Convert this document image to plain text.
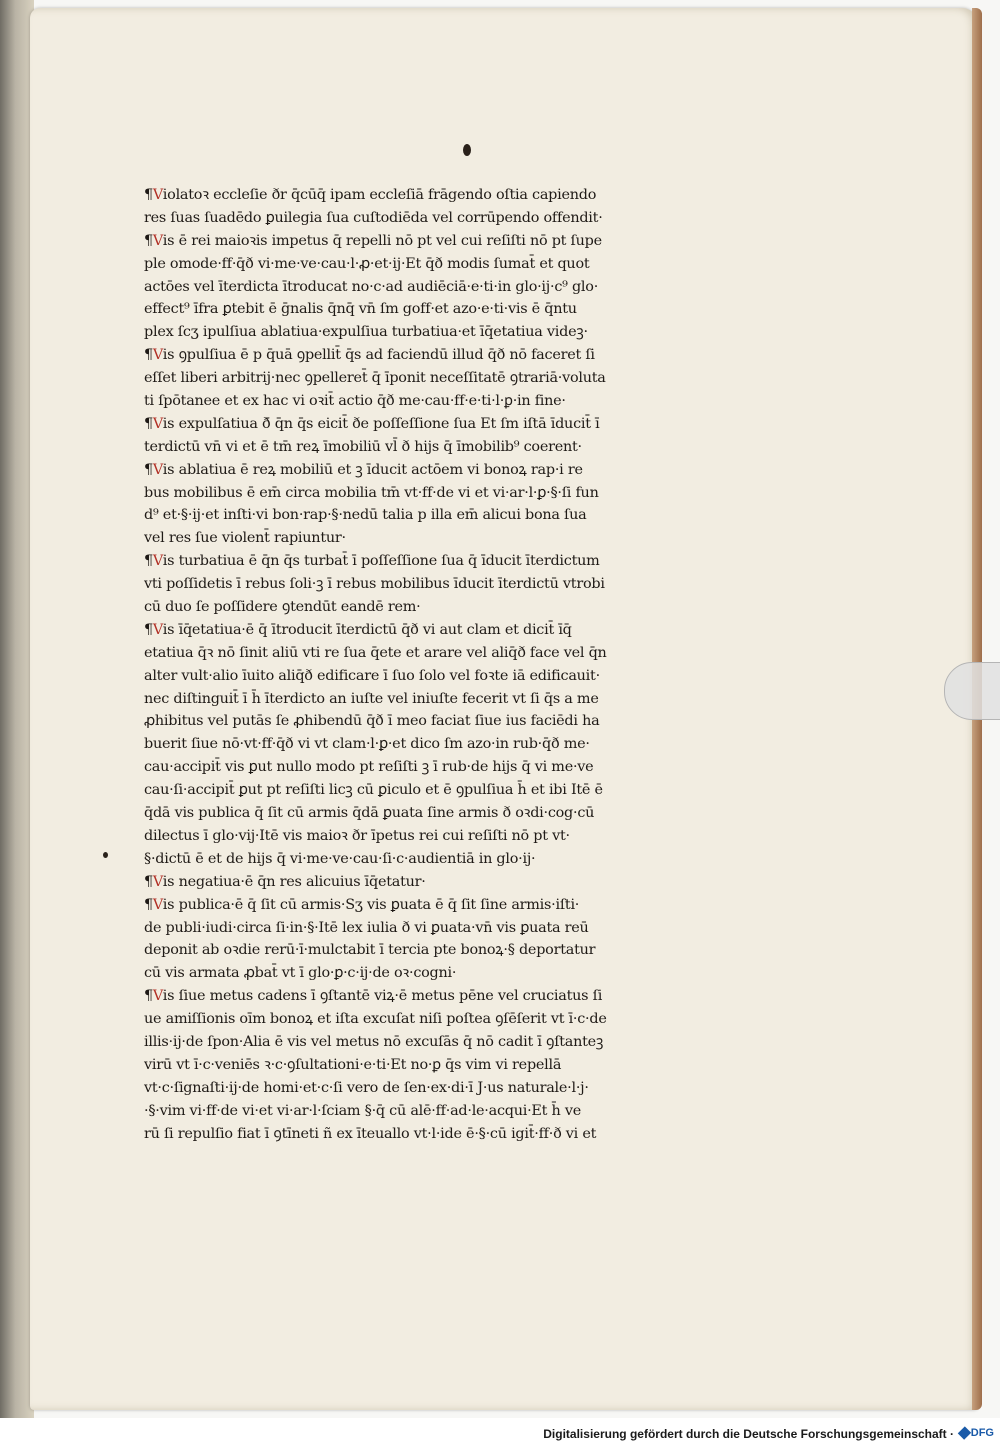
¶Violatoꝛ eccleſie ðr q̄cūq̄ ipam eccleſiā frāgendo oſtia capiendo
res ſuas ſuadēdo ꝑuilegia ſua cuſtodiēda vel corrūpendo offendit·
¶Vis ē rei maioꝛis impetus q̄ repelli nō pt vel cui reſiſti nō pt ſupe
ple omode·ff·q̄ð vi·me·ve·cau·l·ꝓ·et·ij·Et q̄ð modis ſumat̄ et quot
actōes vel īterdicta ītroducat no·c·ad audiēciā·e·ti·in glo·ij·c⁹ glo·
effect⁹ īfra ꝑtebit ē ḡnalis q̄nq̄ vn̄ ſm goff·et azo·e·ti·vis ē q̄ntu
plex ſcʒ ipulſiua ablatiua·expulſiua turbatiua·et īq̄etatiua videꝫ·
¶Vis ꝯpulſiua ē p q̄uā ꝯpellit̄ q̄s ad faciendū illud q̄ð nō faceret ſi
eſſet liberi arbitrij·nec ꝯpelleret̄ q̄ īponit neceſſitatē ꝯtrariā·voluta
ti ſpōtanee et ex hac vi oꝛit̄ actio q̄ð me·cau·ff·e·ti·l·ꝑ·in fine·
¶Vis expulſatiua ð̄ q̄n q̄s eicit̄ ðe poſſeſſione ſua Et ſm iſtā īducit̄ ī
terdictū vn̄ vi et ē tm̄ reꝝ īmobiliū vl̄ ð hijs q̄ īmobilib⁹ coerent·
¶Vis ablatiua ē reꝝ mobiliū et ꝫ īducit actōem vi bonoꝝ rap·i re
bus mobilibus ē em̄ circa mobilia tm̄ vt·ff·de vi et vi·ar·l·ꝑ·§·ſi fun
d⁹ et·§·ij·et inſti·vi bon·rap·§·nedū talia p illa em̄ alicui bona ſua
vel res ſue violent̄ rapiuntur·
¶Vis turbatiua ē q̄n q̄s turbat̄ ī poſſeſſione ſua q̄ īducit īterdictum
vti poſſidetis ī rebus ſoli·ꝫ ī rebus mobilibus īducit īterdictū vtrobi
cū duo ſe poſſidere ꝯtendūt eandē rem·
¶Vis īq̄etatiua·ē q̄ ītroducit īterdictū q̄ð vi aut clam et dicit̄ īq̄
etatiua q̄ꝛ nō ſinit aliū vti re ſua q̄ete et arare vel aliq̄ð face vel q̄n
alter vult·alio īuito aliq̄ð edificare ī ſuo ſolo vel foꝛte iā edificauit·
nec diſtinguit̄ ī h̄ īterdicto an iuſte vel iniuſte fecerit vt ſi q̄s a me
ꝓhibitus vel putās ſe ꝓhibendū q̄ð ī meo faciat ſiue ius faciēdi ha
buerit ſiue nō·vt·ff·q̄ð vi vt clam·l·ꝑ·et dico ſm azo·in rub·q̄ð me·
cau·accipit̄ vis ꝑut nullo modo pt reſiſti ꝫ ī rub·de hijs q̄ vi me·ve
cau·ſi·accipit̄ ꝑut pt reſiſti licꝫ cū ꝑiculo et ē ꝯpulſiua h̄ et ibi Itē ē
q̄dā vis publica q̄ ſit cū armis q̄dā ꝑuata ſine armis ð oꝛdi·cog·cū
dilectus ī glo·vij·Itē vis maioꝛ ðr īpetus rei cui reſiſti nō pt vt·
§·dictū ē et de hijs q̄ vi·me·ve·cau·ſi·c·audientiā in glo·ij·
¶Vis negatiua·ē q̄n res alicuius īq̄etatur·
¶Vis publica·ē q̄ ſit cū armis·Sʒ vis ꝑuata ē q̄ ſit ſine armis·iſti·
de publi·iudi·circa ſi·in·§·Itē lex iulia ð vi ꝑuata·vn̄ vis ꝑuata reū
deponit ab oꝛdie rerū·ī·mulctabit ī tercia pte bonoꝝ·§ deportatur
cū vis armata ꝓbat̄ vt ī glo·ꝑ·c·ij·de oꝛ·cogni·
¶Vis ſiue metus cadens ī ꝯſtantē viꝝ·ē metus pēne vel cruciatus ſi
ue amiſſionis oīm bonoꝝ et iſta excuſat niſi poſtea ꝯſēſerit vt ī·c·de
illis·ij·de ſpon·Alia ē vis vel metus nō excuſās q̄ nō cadit ī ꝯſtanteꝫ
virū vt ī·c·veniēs ꝛ·c·ꝯſultationi·e·ti·Et no·ꝑ q̄s vim vi repellā
vt·c·ſignaſti·ij·de homi·et·c·ſi vero de ſen·ex·di·ī J·us naturale·l·j·
·§·vim vi·ff·de vi·et vi·ar·l·ſciam §·q̄ cū alē·ff·ad·le·acqui·Et h̄ ve
rū ſi repulſio fiat ī ꝯtīneti ñ ex īteuallo vt·l·ide ē·§·cū igit̄·ff·ð vi et
Digitalisierung gefördert durch die Deutsche Forschungsgemeinschaft · DFG
